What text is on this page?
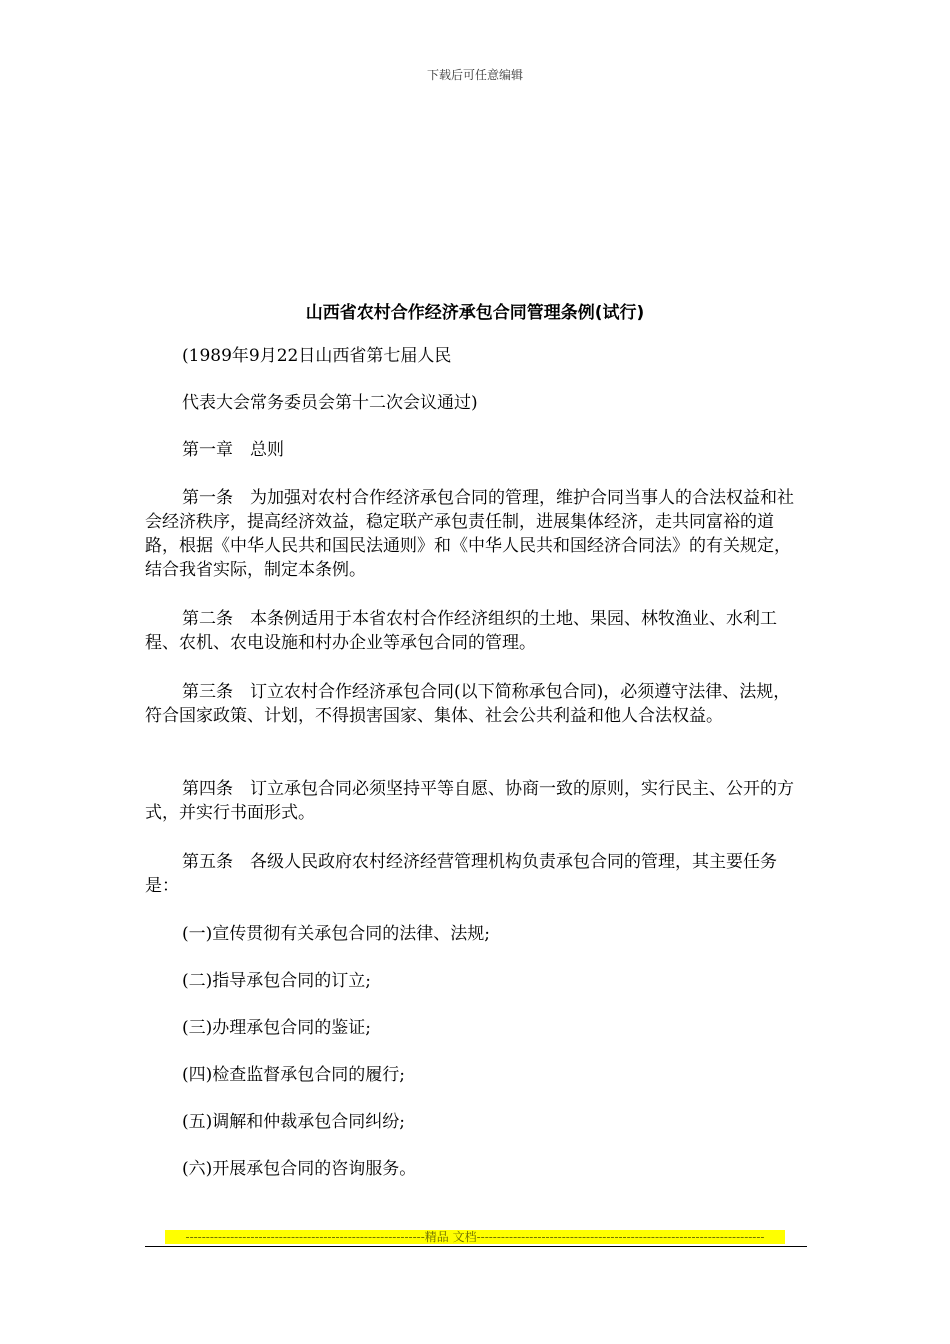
下载后可任意编辑
山西省农村合作经济承包合同管理条例(试行)

(1989年9月22日山西省第七届人民

代表大会常务委员会第十二次会议通过)

第一章　总则

第一条　为加强对农村合作经济承包合同的管理，维护合同当事人的合法权益和社会经济秩序，提高经济效益，稳定联产承包责任制，进展集体经济，走共同富裕的道路，根据《中华人民共和国民法通则》和《中华人民共和国经济合同法》的有关规定，结合我省实际，制定本条例。

第二条　本条例适用于本省农村合作经济组织的土地、果园、林牧渔业、水利工程、农机、农电设施和村办企业等承包合同的管理。

第三条　订立农村合作经济承包合同(以下简称承包合同)，必须遵守法律、法规，符合国家政策、计划，不得损害国家、集体、社会公共利益和他人合法权益。

第四条　订立承包合同必须坚持平等自愿、协商一致的原则，实行民主、公开的方式，并实行书面形式。

第五条　各级人民政府农村经济经营管理机构负责承包合同的管理，其主要任务是：

(一)宣传贯彻有关承包合同的法律、法规;

(二)指导承包合同的订立;

(三)办理承包合同的鉴证;

(四)检查监督承包合同的履行;

(五)调解和仲裁承包合同纠纷;

(六)开展承包合同的咨询服务。

-----------------------------------------------------------精品 文档-----------------------------------------------------------------------
